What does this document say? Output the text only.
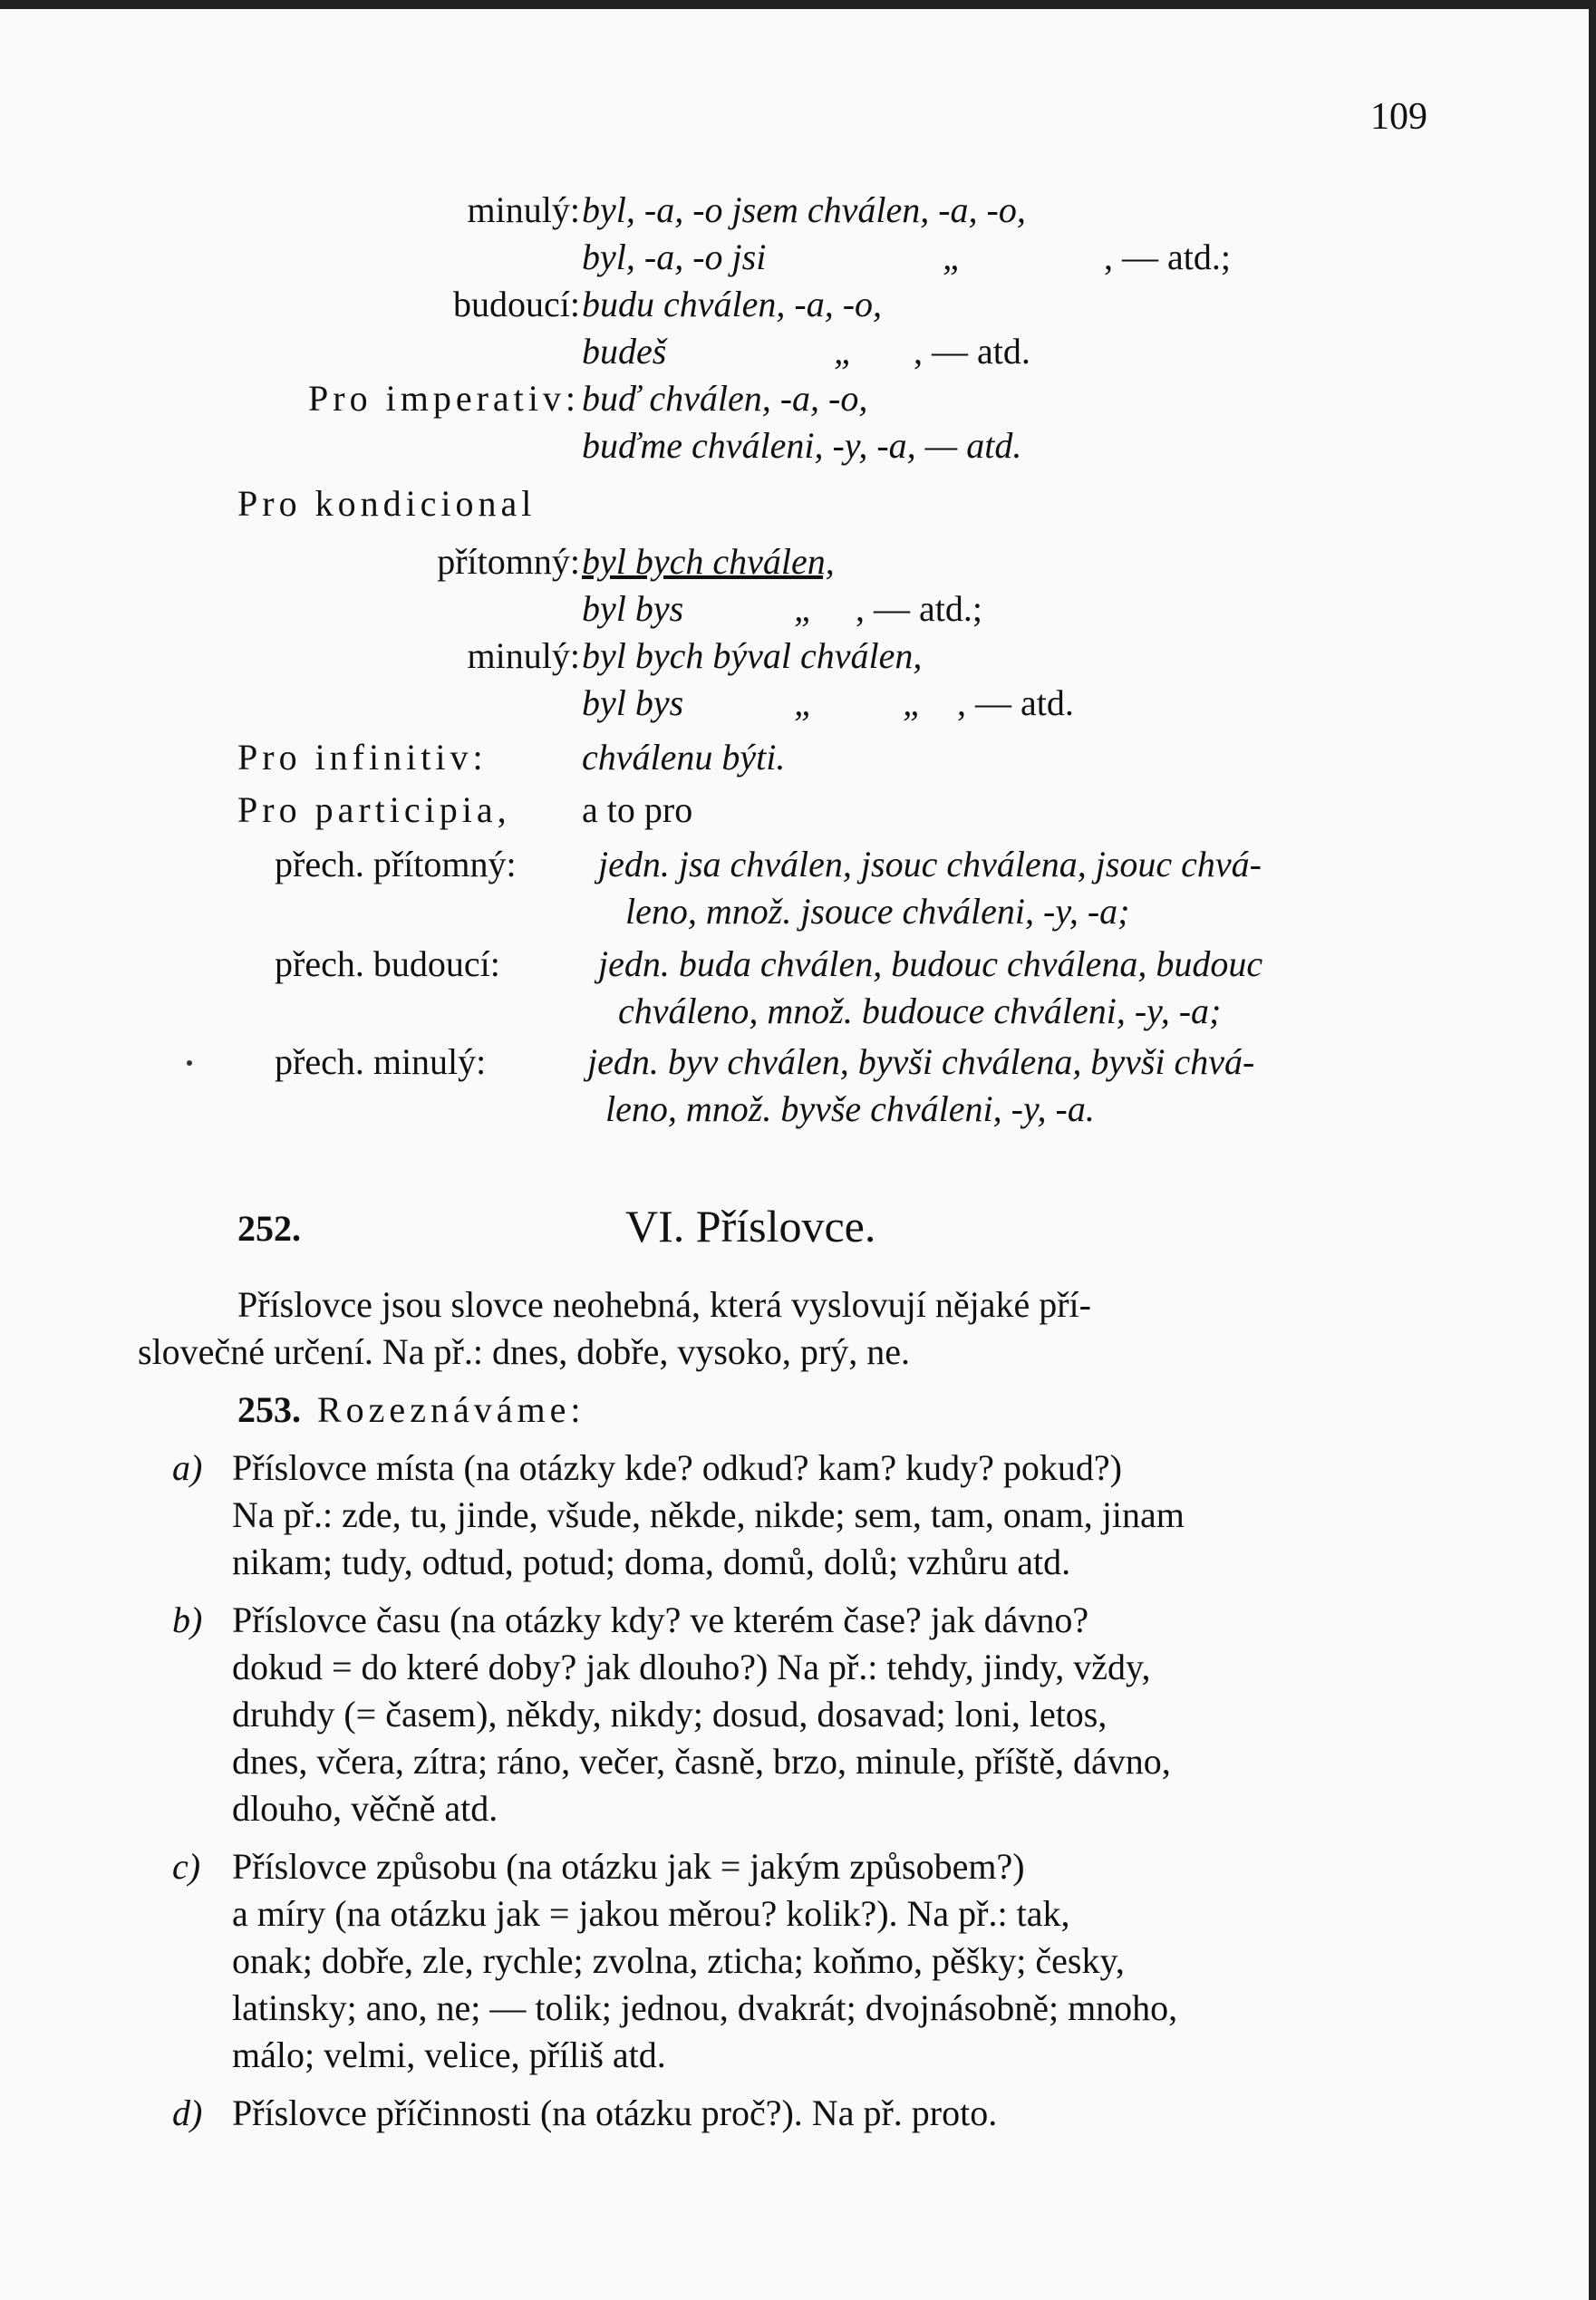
109
minulý: byl, -a, -o jsem chválen, -a, -o,
byl, -a, -o jsi	„	, — atd.;
budoucí: budu chválen, -a, -o,
budeš	„ , — atd.
Pro imperativ: buď chválen, -a, -o,
buďme chváleni, -y, -a, — atd.
Pro kondicional
přítomný: byl bych chválen,
byl bys	„ , — atd.;
minulý: byl bych býval chválen,
byl bys	„ „ , — atd.
Pro infinitiv:	chválenu býti.
Pro participia, a to pro
přech. přítomný: jedn. jsa chválen, jsouc chválena, jsouc chvá-
leno, množ. jsouce chváleni, -y, -a;
přech. budoucí:	jedn. buda chválen, budouc chválena, budouc
chváleno, množ. budouce chváleni, -y, -a;
přech. minulý:	jedn. byv chválen, byvši chválena, byvši chvá-
leno, množ. byvše chváleni, -y, -a.
252.	VI. Příslovce.
Příslovce jsou slovce neohebná, která vyslovují nějaké pří-
slovečné určení. Na př.: dnes, dobře, vysoko, prý, ne.
253. Rozeznáváme:
a) Příslovce místa (na otázky kde? odkud? kam? kudy? pokud?)
Na př.: zde, tu, jinde, všude, někde, nikde; sem, tam, onam, jinam
nikam; tudy, odtud, potud; doma, domů, dolů; vzhůru atd.
b) Příslovce času (na otázky kdy? ve kterém čase? jak dávno?
dokud = do které doby? jak dlouho?) Na př.: tehdy, jindy, vždy,
druhdy (= časem), někdy, nikdy; dosud, dosavad; loni, letos,
dnes, včera, zítra; ráno, večer, časně, brzo, minule, příště, dávno,
dlouho, věčně atd.
c) Příslovce způsobu (na otázku jak = jakým způsobem?)
a míry (na otázku jak = jakou měrou? kolik?). Na př.: tak,
onak; dobře, zle, rychle; zvolna, zticha; koňmo, pěšky; česky,
latinsky; ano, ne; — tolik; jednou, dvakrát; dvojnásobně; mnoho,
málo; velmi, velice, příliš atd.
d) Příslovce příčinnosti (na otázku proč?). Na př. proto.
